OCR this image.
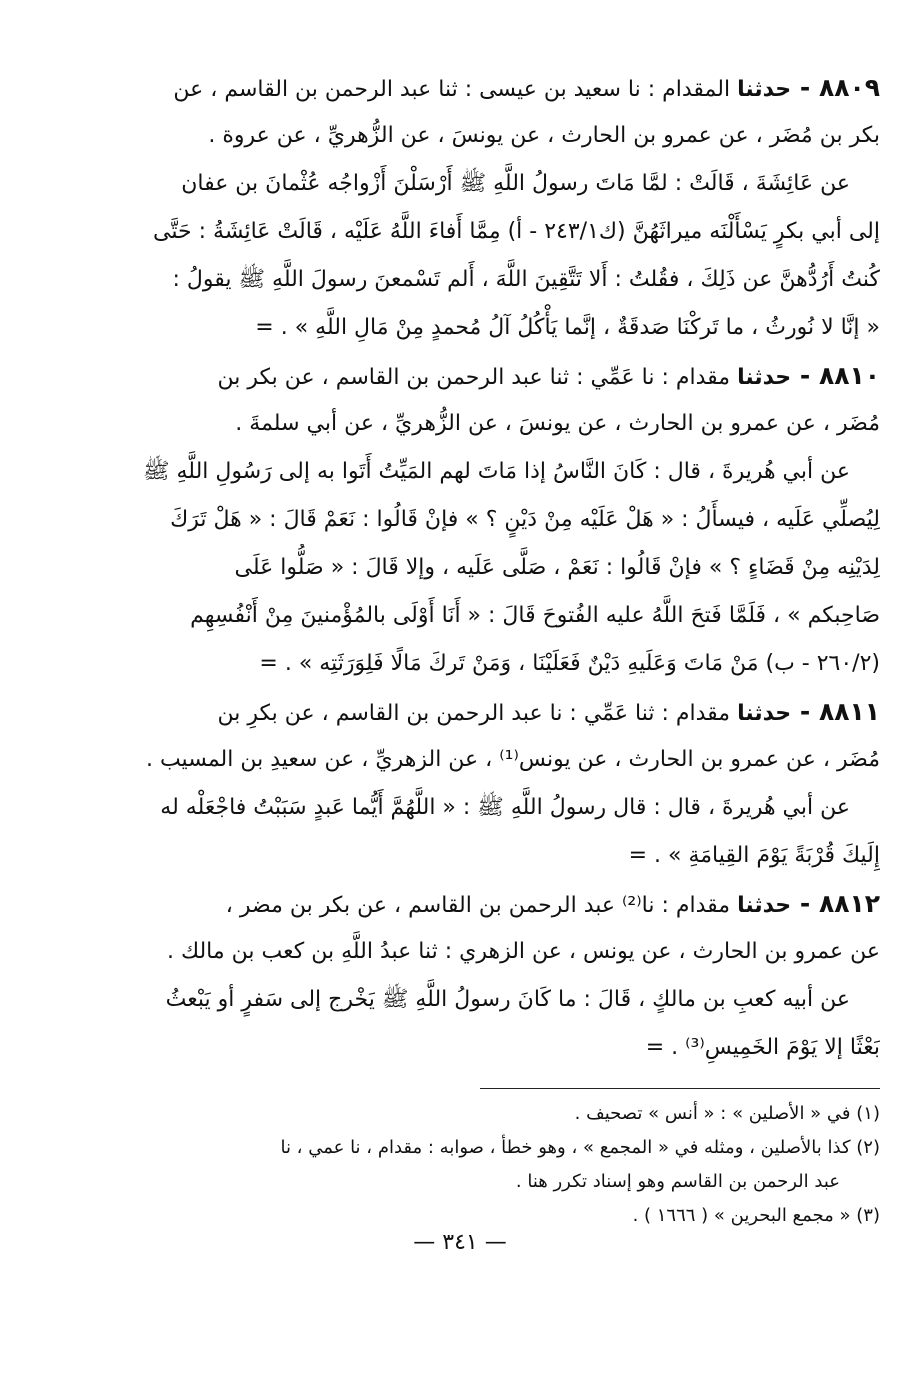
٨٨٠٩ - حدثنا المقدام : نا سعيد بن عيسى : ثنا عبد الرحمن بن القاسم ، عن
بكر بن مُضَر ، عن عمرو بن الحارث ، عن يونسَ ، عن الزُّهريِّ ، عن عروة .
عن عَائِشَةَ ، قَالَتْ : لمَّا مَاتَ رسولُ اللَّهِ ﷺ أَرْسَلْنَ أَزْواجُه عُثْمانَ بن عفان
إلى أبي بكرٍ يَسْأَلْنَه ميراثَهُنَّ (ك٢٤٣/١ - أ) مِمَّا أَفاءَ اللَّهُ عَلَيْه ، قَالَتْ عَائِشَةُ : حَتَّى
كُنتُ أَرُدُّهنَّ عن ذَلِكَ ، فقُلتُ : أَلا تَتَّقِينَ اللَّهَ ، أَلم تَسْمعنَ رسولَ اللَّهِ ﷺ يقولُ :
« إنَّا لا نُورثُ ، ما تَركْنَا صَدقَةٌ ، إنَّما يَأْكُلُ آلُ مُحمدٍ مِنْ مَالِ اللَّهِ » . =
٨٨١٠ - حدثنا مقدام : نا عَمِّي : ثنا عبد الرحمن بن القاسم ، عن بكر بن
مُضَر ، عن عمرو بن الحارث ، عن يونسَ ، عن الزُّهريِّ ، عن أبي سلمةَ .
عن أبي هُريرةَ ، قال : كَانَ النَّاسُ إذا مَاتَ لهم المَيِّتُ أَتَوا به إلى رَسُولِ اللَّهِ ﷺ
لِيُصلِّي عَلَيه ، فيسأَلُ : « هَلْ عَلَيْه مِنْ دَيْنٍ ؟ » فإنْ قَالُوا : نَعَمْ قَالَ : « هَلْ تَرَكَ
لِدَيْنِه مِنْ قَضَاءٍ ؟ » فإنْ قَالُوا : نَعَمْ ، صَلَّى عَلَيه ، وإلا قَالَ : « صَلُّوا عَلَى
صَاحِبكم » ، فَلَمَّا فَتحَ اللَّهُ عليه الفُتوحَ قَالَ : « أَنَا أَوْلَى بالمُؤْمنينَ مِنْ أَنْفُسِهِم
(٢٦٠/٢ - ب) مَنْ مَاتَ وَعَلَيهِ دَيْنٌ فَعَلَيْنَا ، وَمَنْ تَركَ مَالًا فَلِوَرَثَتِه » . =
٨٨١١ - حدثنا مقدام : ثنا عَمِّي : نا عبد الرحمن بن القاسم ، عن بكرِ بن
مُضَر ، عن عمرو بن الحارث ، عن يونس⁽¹⁾ ، عن الزهريِّ ، عن سعيدِ بن المسيب .
عن أبي هُريرةَ ، قال : قال رسولُ اللَّهِ ﷺ : « اللَّهُمَّ أَيُّما عَبدٍ سَبَبْتُ فاجْعَلْه له
إِلَيكَ قُرْبَةً يَوْمَ القِيامَةِ » . =
٨٨١٢ - حدثنا مقدام : نا⁽²⁾ عبد الرحمن بن القاسم ، عن بكر بن مضر ،
عن عمرو بن الحارث ، عن يونس ، عن الزهري : ثنا عبدُ اللَّهِ بن كعب بن مالك .
عن أبيه كعبِ بن مالكٍ ، قَالَ : ما كَانَ رسولُ اللَّهِ ﷺ يَخْرج إلى سَفرٍ أو يَبْعثُ
بَعْثًا إلا يَوْمَ الخَمِيسِ⁽³⁾ . =
(١) في « الأصلين » : « أنس » تصحيف .
(٢) كذا بالأصلين ، ومثله في « المجمع » ، وهو خطأ ، صوابه : مقدام ، نا عمي ، نا
عبد الرحمن بن القاسم وهو إسناد تكرر هنا .
(٣) « مجمع البحرين » ( ١٦٦٦ ) .
— ٣٤١ —
